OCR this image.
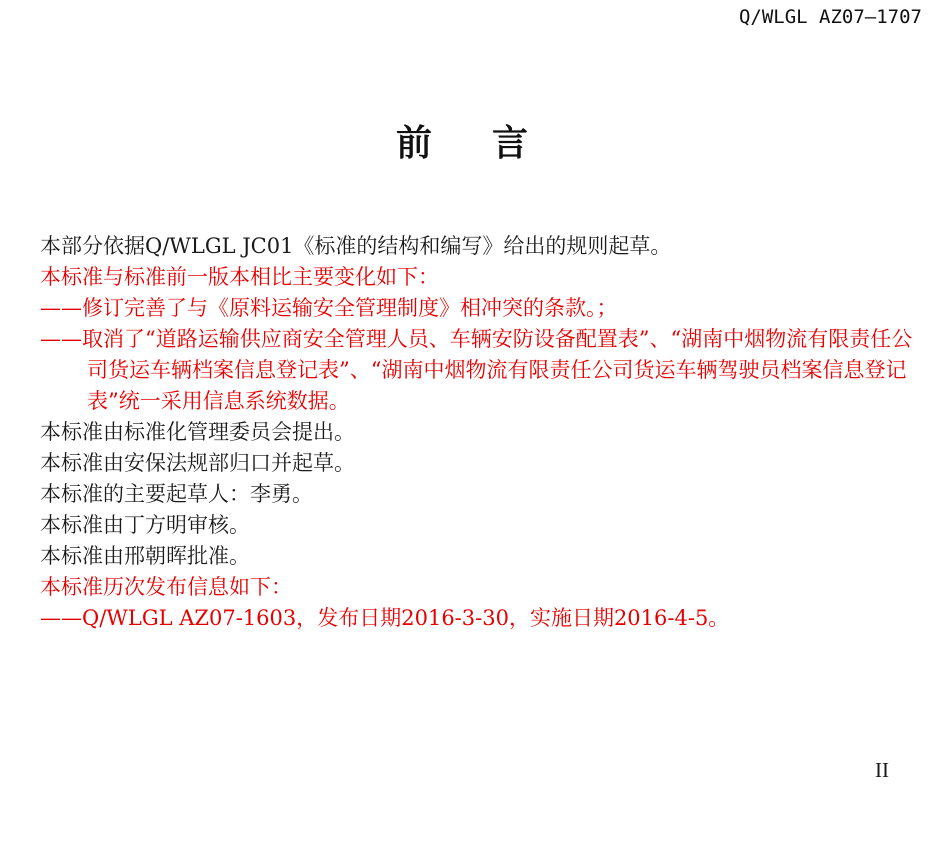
Q/WLGL AZ07—1707
前　言

本部分依据Q/WLGL JC01《标准的结构和编写》给出的规则起草。

本标准与标准前一版本相比主要变化如下：

——修订完善了与《原料运输安全管理制度》相冲突的条款。；

——取消了“道路运输供应商安全管理人员、车辆安防设备配置表”、“湖南中烟物流有限责任公司货运车辆档案信息登记表”、“湖南中烟物流有限责任公司货运车辆驾驶员档案信息登记表”统一采用信息系统数据。

本标准由标准化管理委员会提出。

本标准由安保法规部归口并起草。

本标准的主要起草人：李勇。

本标准由丁方明审核。

本标准由邢朝晖批准。

本标准历次发布信息如下：

——Q/WLGL AZ07-1603，发布日期2016-3-30，实施日期2016-4-5。

II
